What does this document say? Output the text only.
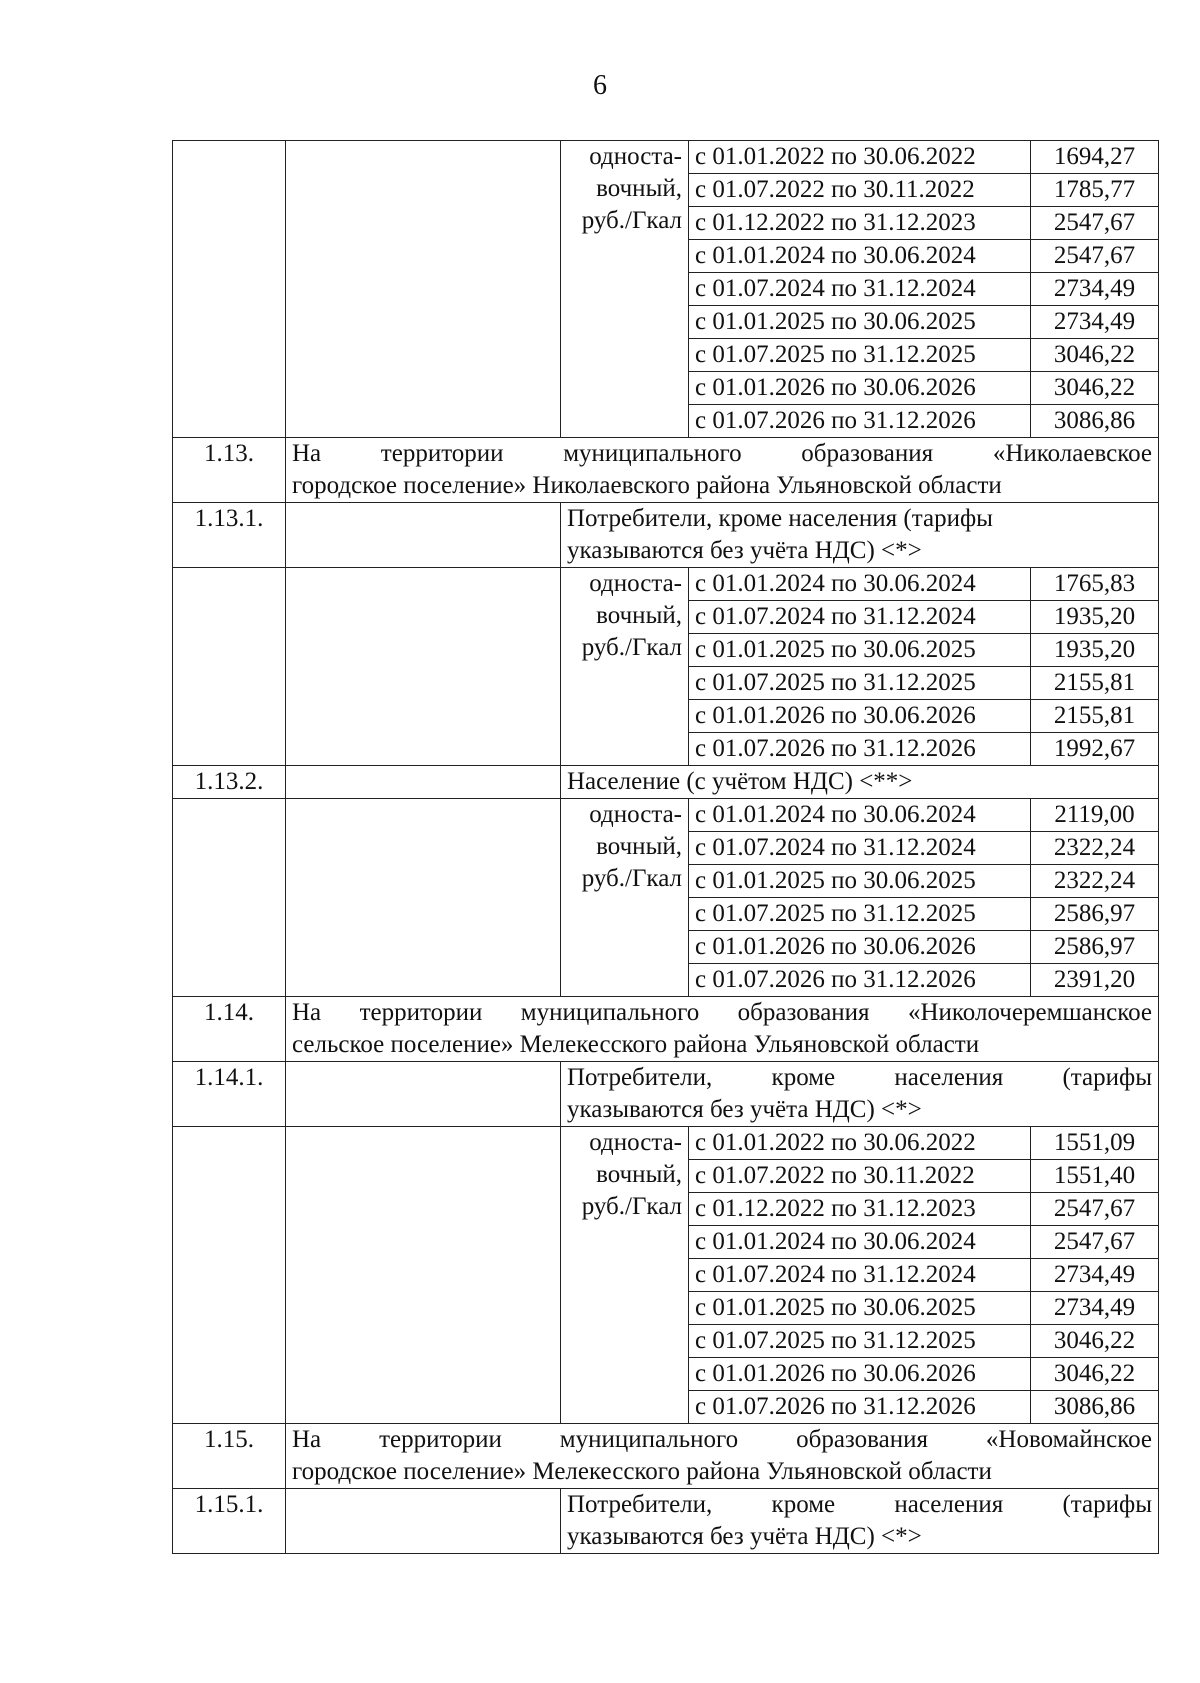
6

		односта-
вочный,
руб./Гкал	с 01.01.2022 по 30.06.2022	1694,27
			с 01.07.2022 по 30.11.2022	1785,77
			с 01.12.2022 по 31.12.2023	2547,67
			с 01.01.2024 по 30.06.2024	2547,67
			с 01.07.2024 по 31.12.2024	2734,49
			с 01.01.2025 по 30.06.2025	2734,49
			с 01.07.2025 по 31.12.2025	3046,22
			с 01.01.2026 по 30.06.2026	3046,22
			с 01.07.2026 по 31.12.2026	3086,86
1.13.	На территории муниципального образования «Николаевское
городское поселение» Николаевского района Ульяновской области			

1.13.1.		Потребители, кроме населения (тарифы
указываются без учёта НДС) <*>		

		односта-
вочный,
руб./Гкал	с 01.01.2024 по 30.06.2024	1765,83
			с 01.07.2024 по 31.12.2024	1935,20
			с 01.01.2025 по 30.06.2025	1935,20
			с 01.07.2025 по 31.12.2025	2155,81
			с 01.01.2026 по 30.06.2026	2155,81
			с 01.07.2026 по 31.12.2026	1992,67
1.13.2.		Население (с учётом НДС) <**>		

		односта-
вочный,
руб./Гкал	с 01.01.2024 по 30.06.2024	2119,00
			с 01.07.2024 по 31.12.2024	2322,24
			с 01.01.2025 по 30.06.2025	2322,24
			с 01.07.2025 по 31.12.2025	2586,97
			с 01.01.2026 по 30.06.2026	2586,97
			с 01.07.2026 по 31.12.2026	2391,20
1.14.	На территории муниципального образования «Николочеремшанское
сельское поселение» Мелекесского района Ульяновской области			

1.14.1.		Потребители, кроме населения (тарифы
указываются без учёта НДС) <*>		

		односта-
вочный,
руб./Гкал	с 01.01.2022 по 30.06.2022	1551,09
			с 01.07.2022 по 30.11.2022	1551,40
			с 01.12.2022 по 31.12.2023	2547,67
			с 01.01.2024 по 30.06.2024	2547,67
			с 01.07.2024 по 31.12.2024	2734,49
			с 01.01.2025 по 30.06.2025	2734,49
			с 01.07.2025 по 31.12.2025	3046,22
			с 01.01.2026 по 30.06.2026	3046,22
			с 01.07.2026 по 31.12.2026	3086,86
1.15.	На территории муниципального образования «Новомайнское
городское поселение» Мелекесского района Ульяновской области			

1.15.1.		Потребители, кроме населения (тарифы
указываются без учёта НДС) <*>		
